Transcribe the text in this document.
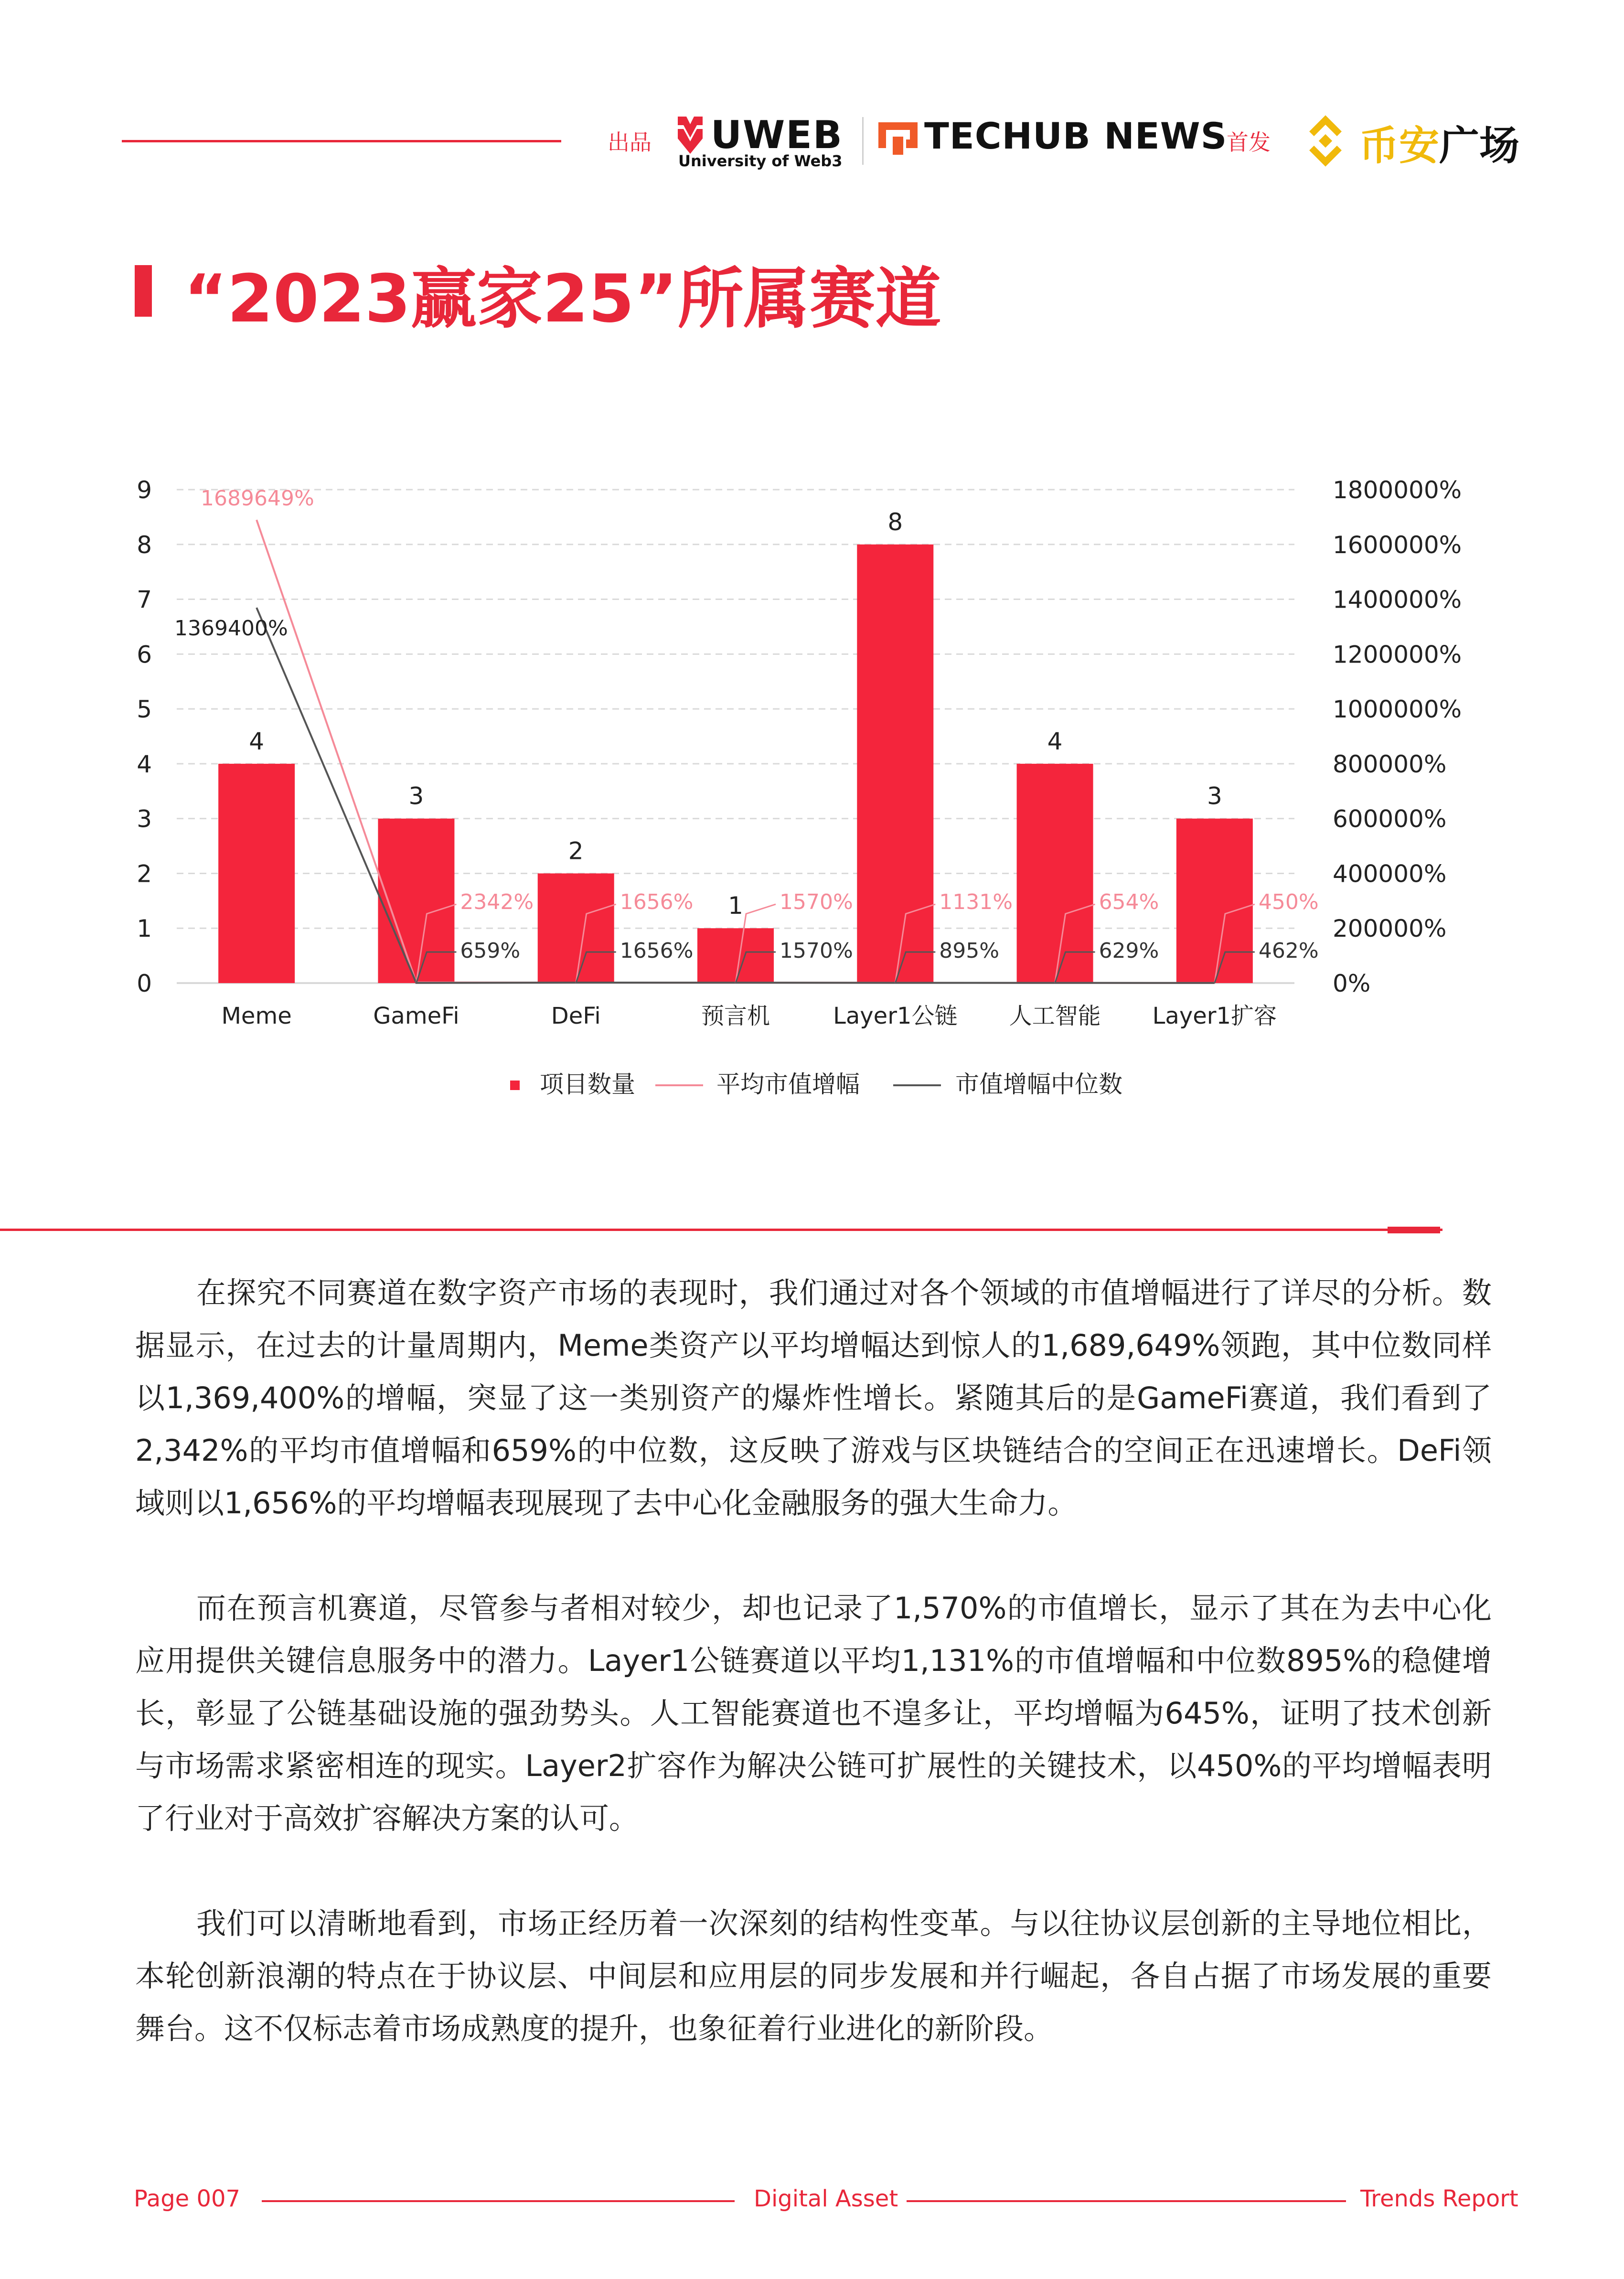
出品 UWEB
University of Web3
TECHUB NEWS
首发 币安广场
“2023赢家25”所属赛道
4
3
2
1
8
4
3
1689649%
1369400%
2342%
659%
1656%
1656%
1570%
1570%
1131%
895%
654%
629%
450%
462%
0
1
2
3
4
5
6
7
8
9
0%
200000%
400000%
600000%
800000%
1000000%
1200000%
1400000%
1600000%
1800000%
Meme	GameFi	DeFi	预言机	Layer1公链 人工智能 Layer1扩容
项目数量	平均市值增幅	市值增幅中位数

在探究不同赛道在数字资产市场的表现时，我们通过对各个领域的市值增幅进行了详尽的分析。数据显示，在过去的计量周期内，Meme类资产以平均增幅达到惊人的1,689,649%领跑，其中位数同样以1,369,400%的增幅，突显了这一类别资产的爆炸性增长。紧随其后的是GameFi赛道，我们看到了2,342%的平均市值增幅和659%的中位数，这反映了游戏与区块链结合的空间正在迅速增长。DeFi领域则以1,656%的平均增幅表现展现了去中心化金融服务的强大生命力。

而在预言机赛道，尽管参与者相对较少，却也记录了1,570%的市值增长，显示了其在为去中心化应用提供关键信息服务中的潜力。Layer1公链赛道以平均1,131%的市值增幅和中位数895%的稳健增长，彰显了公链基础设施的强劲势头。人工智能赛道也不遑多让，平均增幅为645%，证明了技术创新与市场需求紧密相连的现实。Layer2扩容作为解决公链可扩展性的关键技术，以450%的平均增幅表明了行业对于高效扩容解决方案的认可。

我们可以清晰地看到，市场正经历着一次深刻的结构性变革。与以往协议层创新的主导地位相比，本轮创新浪潮的特点在于协议层、中间层和应用层的同步发展和并行崛起，各自占据了市场发展的重要舞台。这不仅标志着市场成熟度的提升，也象征着行业进化的新阶段。

Page 007	Digital Asset	Trends Report
